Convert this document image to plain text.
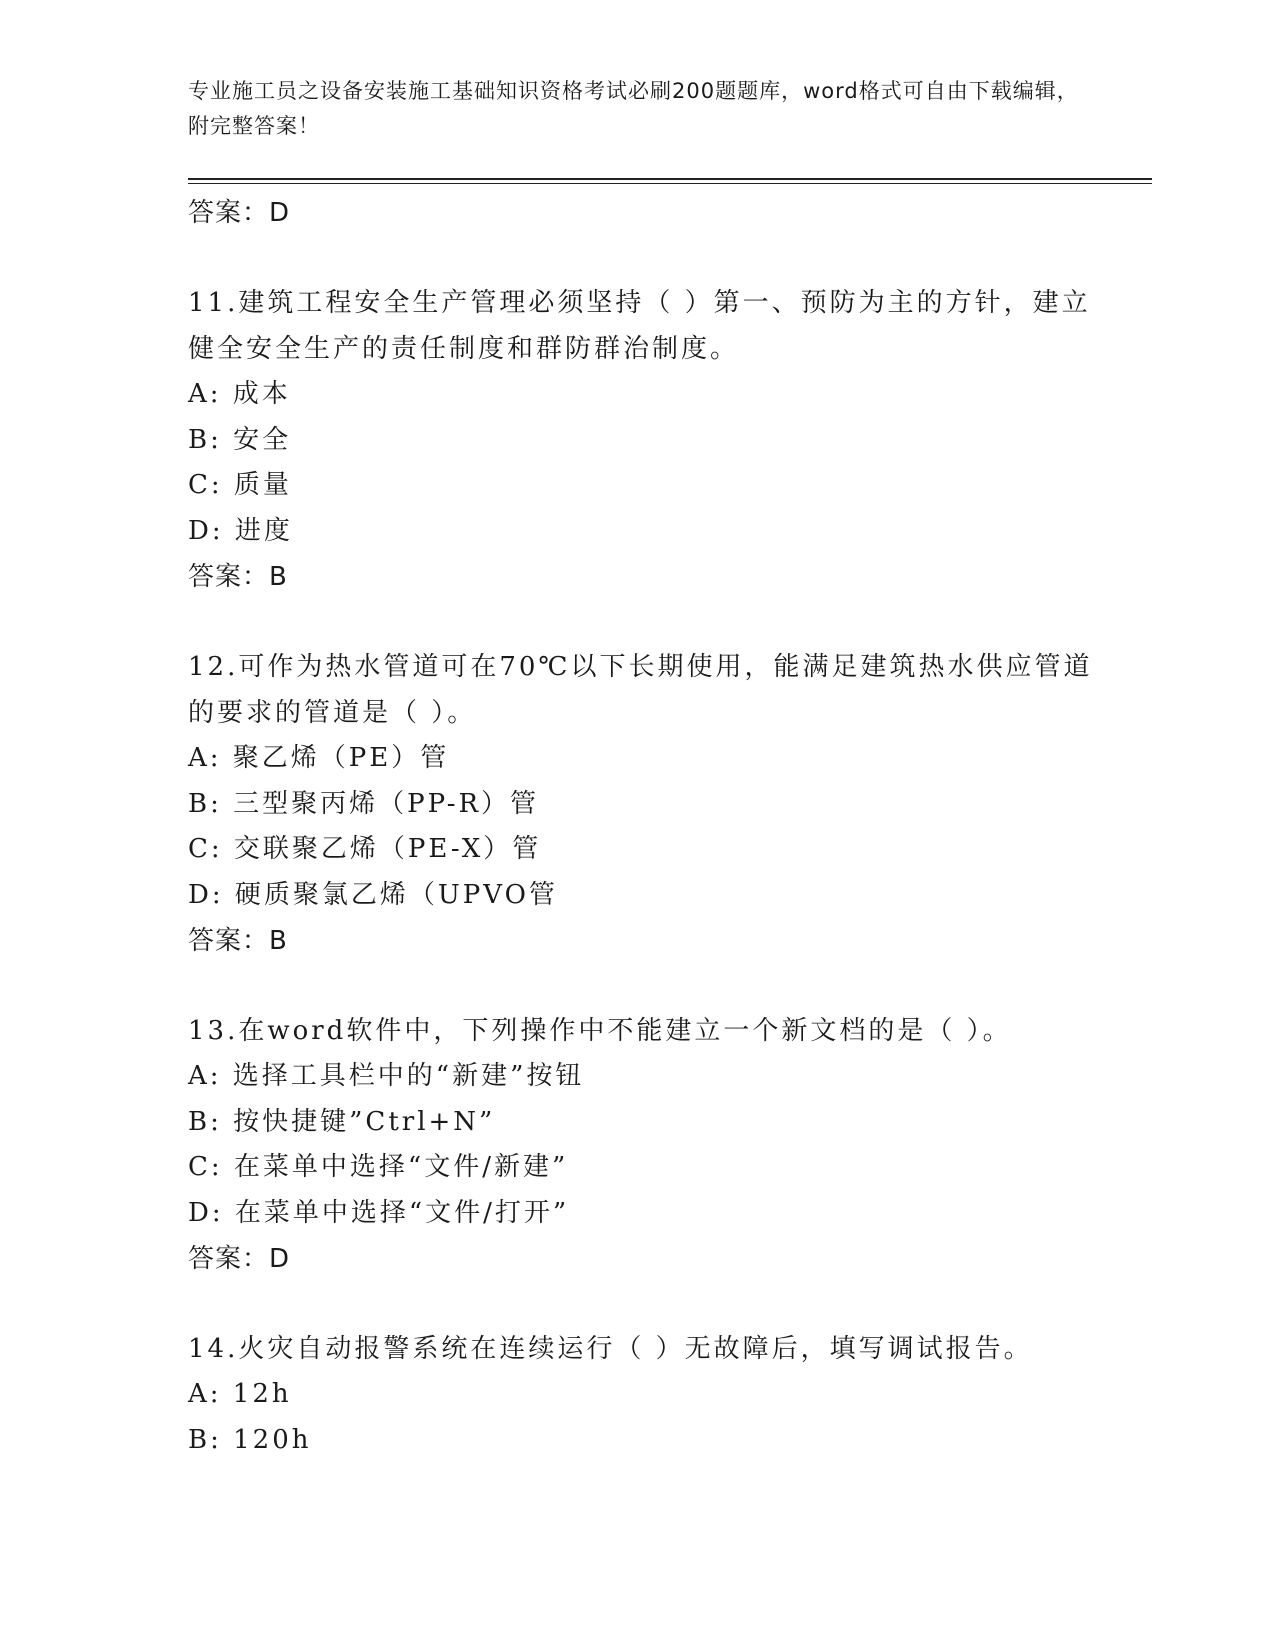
专业施工员之设备安装施工基础知识资格考试必刷200题题库，word格式可自由下载编辑，附完整答案！
答案：D
11.建筑工程安全生产管理必须坚持（ ）第一、预防为主的方针，建立健全安全生产的责任制度和群防群治制度。
A: 成本
B: 安全
C: 质量
D: 进度
答案：B
12.可作为热水管道可在70℃以下长期使用，能满足建筑热水供应管道的要求的管道是（ ）。
A: 聚乙烯（PE）管
B: 三型聚丙烯（PP-R）管
C: 交联聚乙烯（PE-X）管
D: 硬质聚氯乙烯（UPVO管
答案：B
13.在word软件中，下列操作中不能建立一个新文档的是（ ）。
A: 选择工具栏中的“新建”按钮
B: 按快捷键”Ctrl+N”
C: 在菜单中选择“文件/新建”
D: 在菜单中选择“文件/打开”
答案：D
14.火灾自动报警系统在连续运行（ ）无故障后，填写调试报告。
A: 12h
B: 120h
